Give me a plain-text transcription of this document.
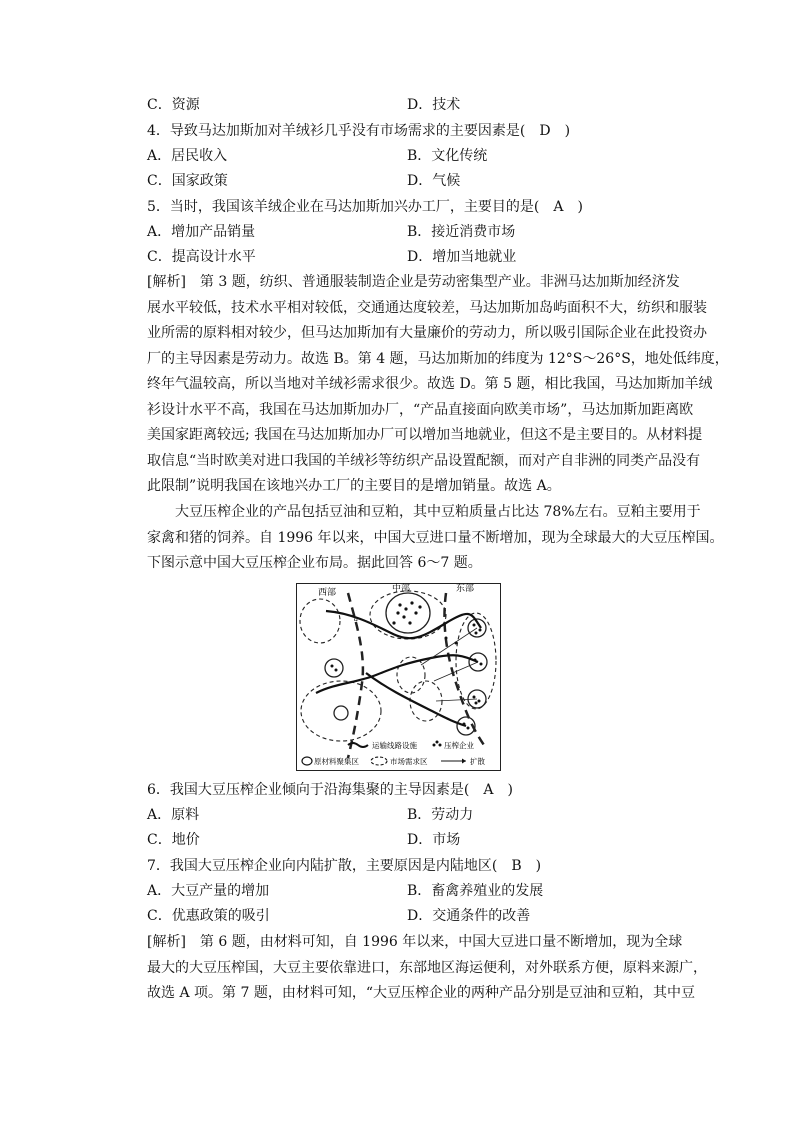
C．资源	D．技术
4．导致马达加斯加对羊绒衫几乎没有市场需求的主要因素是(　D　)
A．居民收入	B．文化传统
C．国家政策	D．气候
5．当时，我国该羊绒企业在马达加斯加兴办工厂，主要目的是(　A　)
A．增加产品销量	B．接近消费市场
C．提高设计水平	D．增加当地就业
[解析]　第 3 题，纺织、普通服装制造企业是劳动密集型产业。非洲马达加斯加经济发
展水平较低，技术水平相对较低，交通通达度较差，马达加斯加岛屿面积不大，纺织和服装
业所需的原料相对较少，但马达加斯加有大量廉价的劳动力，所以吸引国际企业在此投资办
厂的主导因素是劳动力。故选 B。第 4 题，马达加斯加的纬度为 12°S～26°S，地处低纬度，
终年气温较高，所以当地对羊绒衫需求很少。故选 D。第 5 题，相比我国，马达加斯加羊绒
衫设计水平不高，我国在马达加斯加办厂，“产品直接面向欧美市场”，马达加斯加距离欧
美国家距离较远; 我国在马达加斯加办厂可以增加当地就业，但这不是主要目的。从材料提
取信息“当时欧美对进口我国的羊绒衫等纺织产品设置配额，而对产自非洲的同类产品没有
此限制”说明我国在该地兴办工厂的主要目的是增加销量。故选 A。
大豆压榨企业的产品包括豆油和豆粕，其中豆粕质量占比达 78%左右。豆粕主要用于
家禽和猪的饲养。自 1996 年以来，中国大豆进口量不断增加，现为全球最大的大豆压榨国。
下图示意中国大豆压榨企业布局。据此回答 6～7 题。
西部	中部	东部
a
运输线路设施	压榨企业
原材料聚集区	市场需求区	扩散
6．我国大豆压榨企业倾向于沿海集聚的主导因素是(　A　)
A．原料	B．劳动力
C．地价	D．市场
7．我国大豆压榨企业向内陆扩散，主要原因是内陆地区(　B　)
A．大豆产量的增加	B．畜禽养殖业的发展
C．优惠政策的吸引	D．交通条件的改善
[解析]　第 6 题，由材料可知，自 1996 年以来，中国大豆进口量不断增加，现为全球
最大的大豆压榨国，大豆主要依靠进口，东部地区海运便利，对外联系方便，原料来源广，
故选 A 项。第 7 题，由材料可知，“大豆压榨企业的两种产品分别是豆油和豆粕，其中豆
